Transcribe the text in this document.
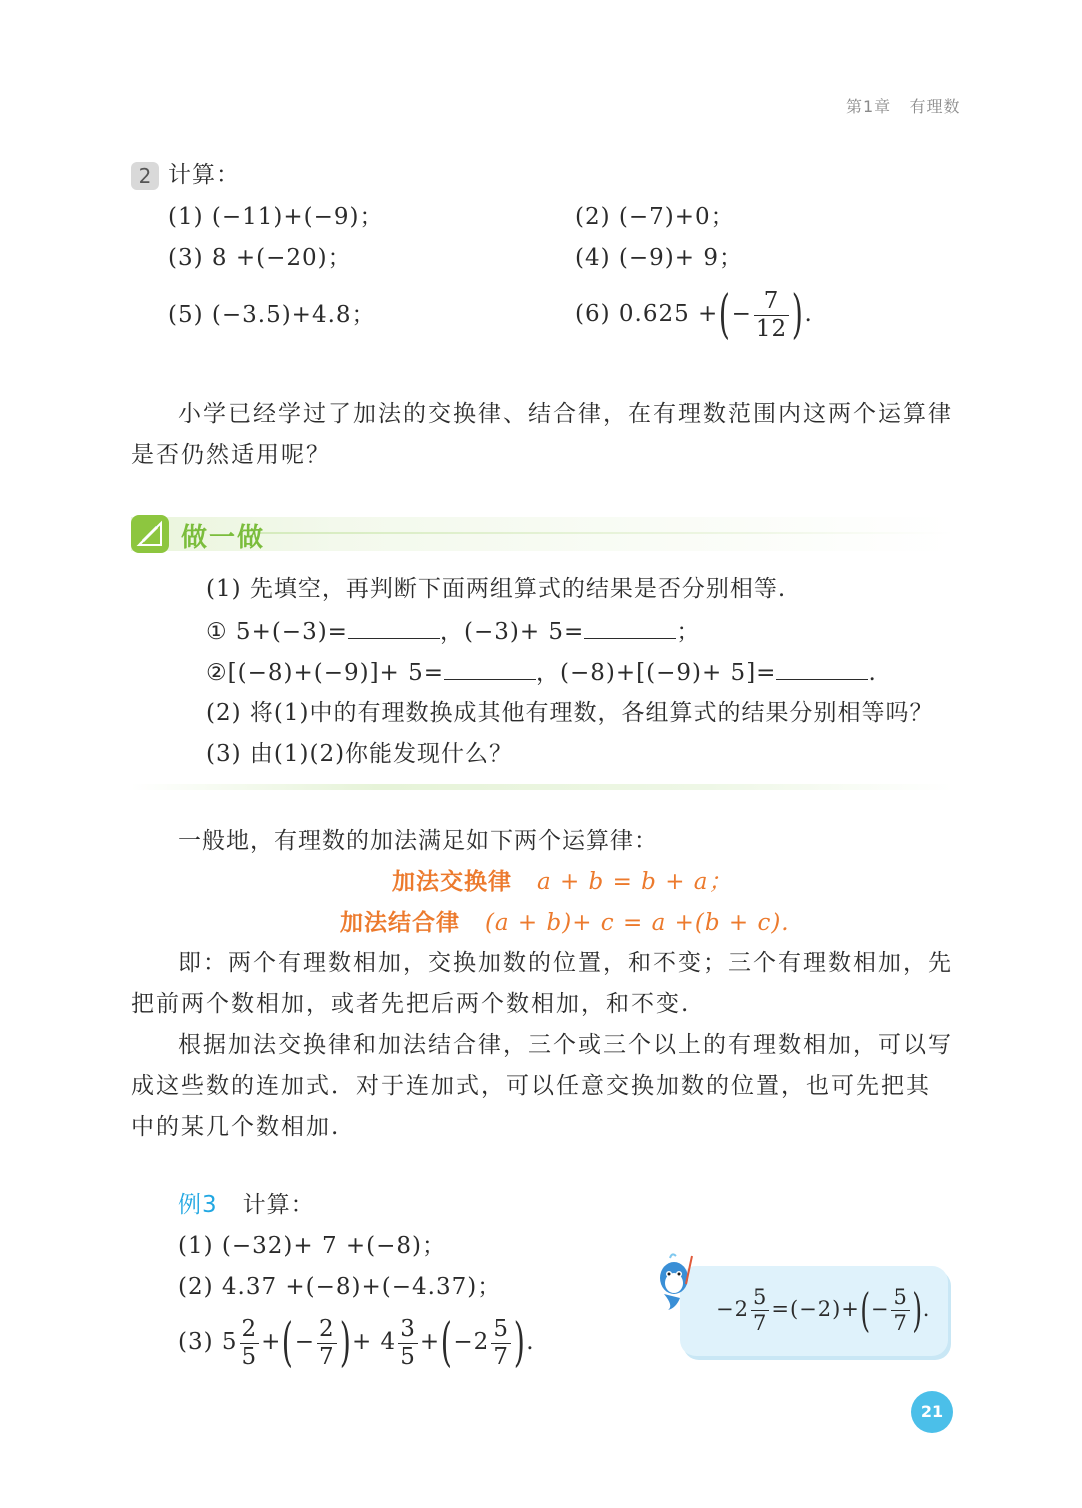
第1章 有理数
2 计算：
(1) (−11)+(−9)；	(2) (−7)+0；
(3) 8 +(−20)；	(4) (−9)+ 9；
(5) (−3.5)+4.8；	(6) 0.625 + ( − $\frac{7}{12}$ ) .
小学已经学过了加法的交换律、结合律，在有理数范围内这两个运算律是否仍然适用呢？
做一做
(1) 先填空，再判断下面两组算式的结果是否分别相等.
① 5+(−3)=	，(−3)+ 5=	；
②[(−8)+(−9)]+ 5=	，(−8)+[(−9)+ 5]=	.
(2) 将(1)中的有理数换成其他有理数，各组算式的结果分别相等吗？
(3) 由(1)(2)你能发现什么？
一般地，有理数的加法满足如下两个运算律：
加法交换律 a + b = b + a；
加法结合律 (a + b)+ c = a +(b + c).
即：两个有理数相加，交换加数的位置，和不变；三个有理数相加，先把前两个数相加，或者先把后两个数相加，和不变.
根据加法交换律和加法结合律，三个或三个以上的有理数相加，可以写成这些数的连加式．对于连加式，可以任意交换加数的位置，也可先把其中的某几个数相加.
例3 计算：
(1) (−32)+ 7 +(−8)；
(2) 4.37 +(−8)+(−4.37)；
(3) $5 \frac{2}{5}$ + ( − $\frac{2}{7}$ ) + $4 \frac{3}{5}$ + ( $-2 \frac{5}{7}$ ) .
$-2 \frac{5}{7} =(-2)+$ ( − $\frac{5}{7}$ ) .
21
